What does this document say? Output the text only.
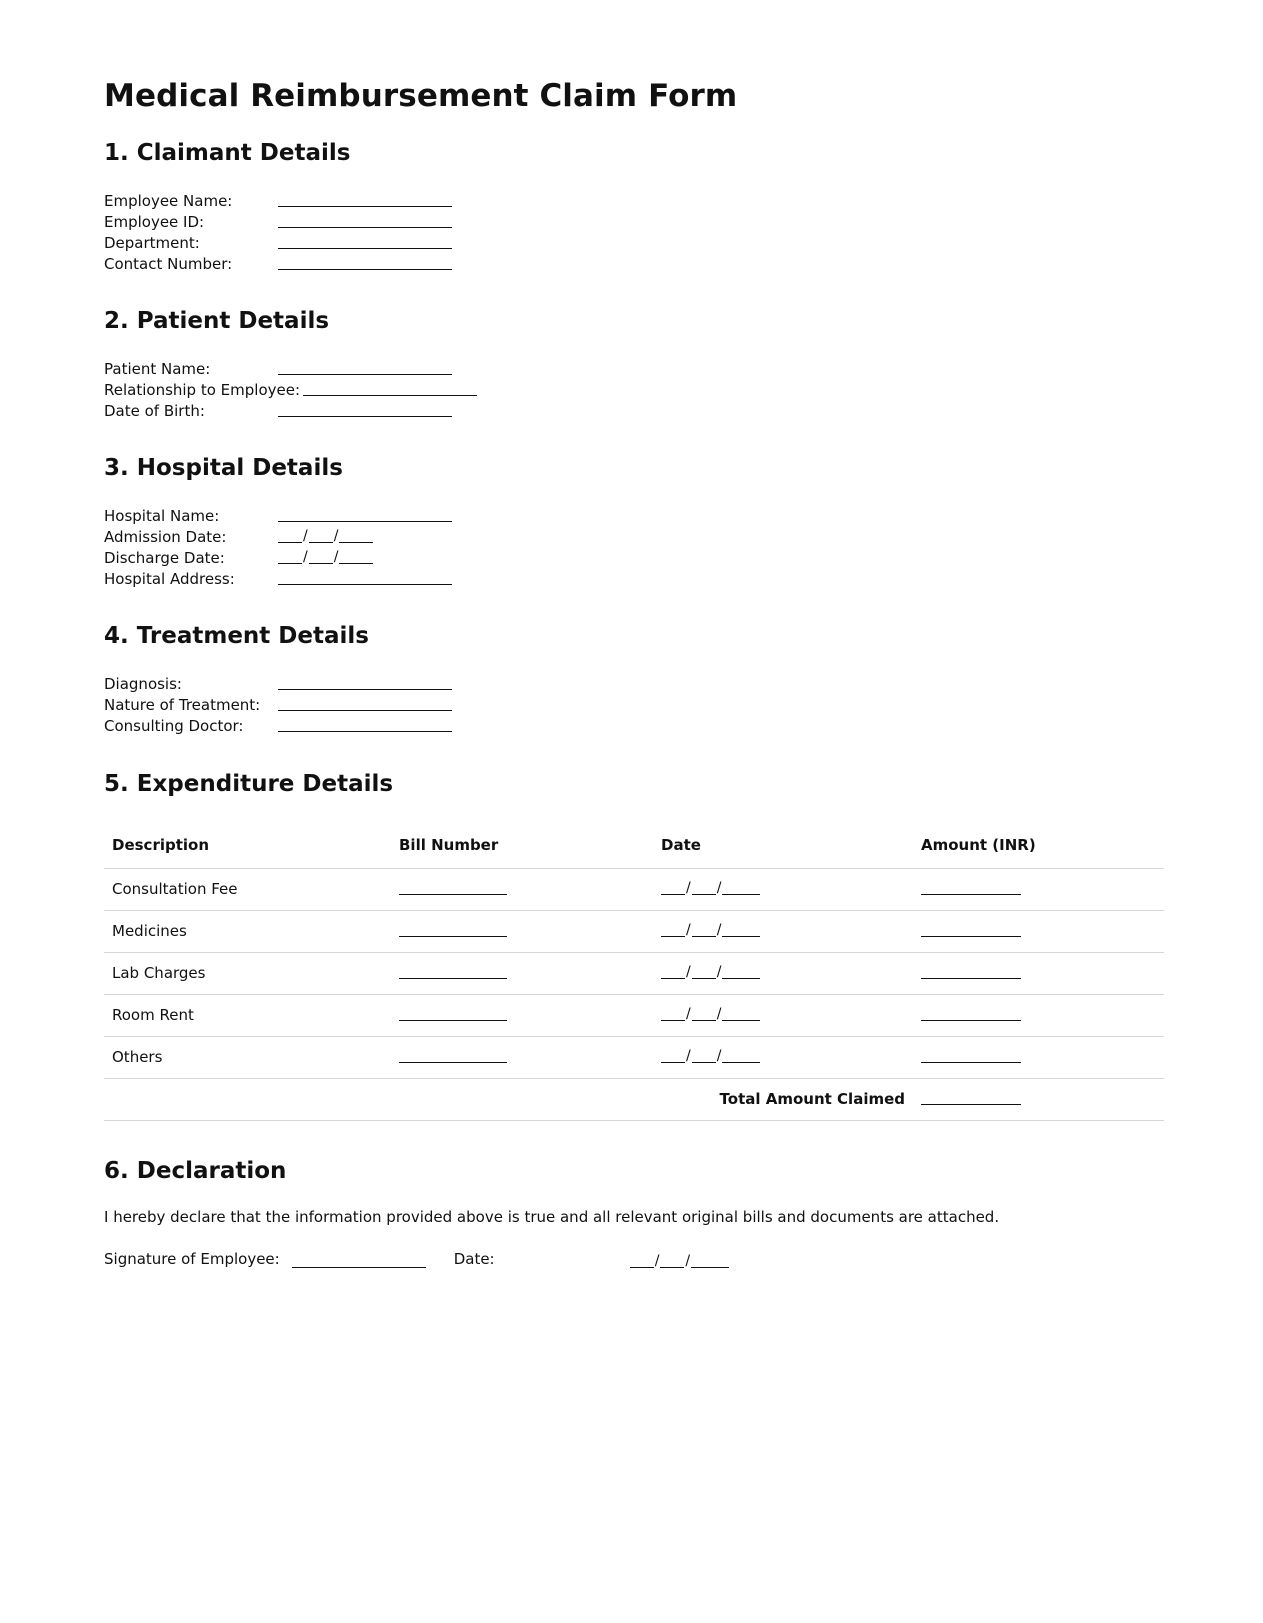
Medical Reimbursement Claim Form
1. Claimant Details
Employee Name:
Employee ID:
Department:
Contact Number:
2. Patient Details
Patient Name:
Relationship to Employee:
Date of Birth:
3. Hospital Details
Hospital Name:
Admission Date:	/ /
Discharge Date:	/ /
Hospital Address:
4. Treatment Details
Diagnosis:
Nature of Treatment:
Consulting Doctor:
5. Expenditure Details
Description	Bill Number	Date	Amount (INR)
Consultation Fee		/ /	

Medicines		/ /	

Lab Charges		/ /	

Room Rent		/ /	

Others		/ /	

Total Amount Claimed			
6. Declaration
I hereby declare that the information provided above is true and all relevant original bills and documents are attached.
Signature of Employee:	Date:	/ /
